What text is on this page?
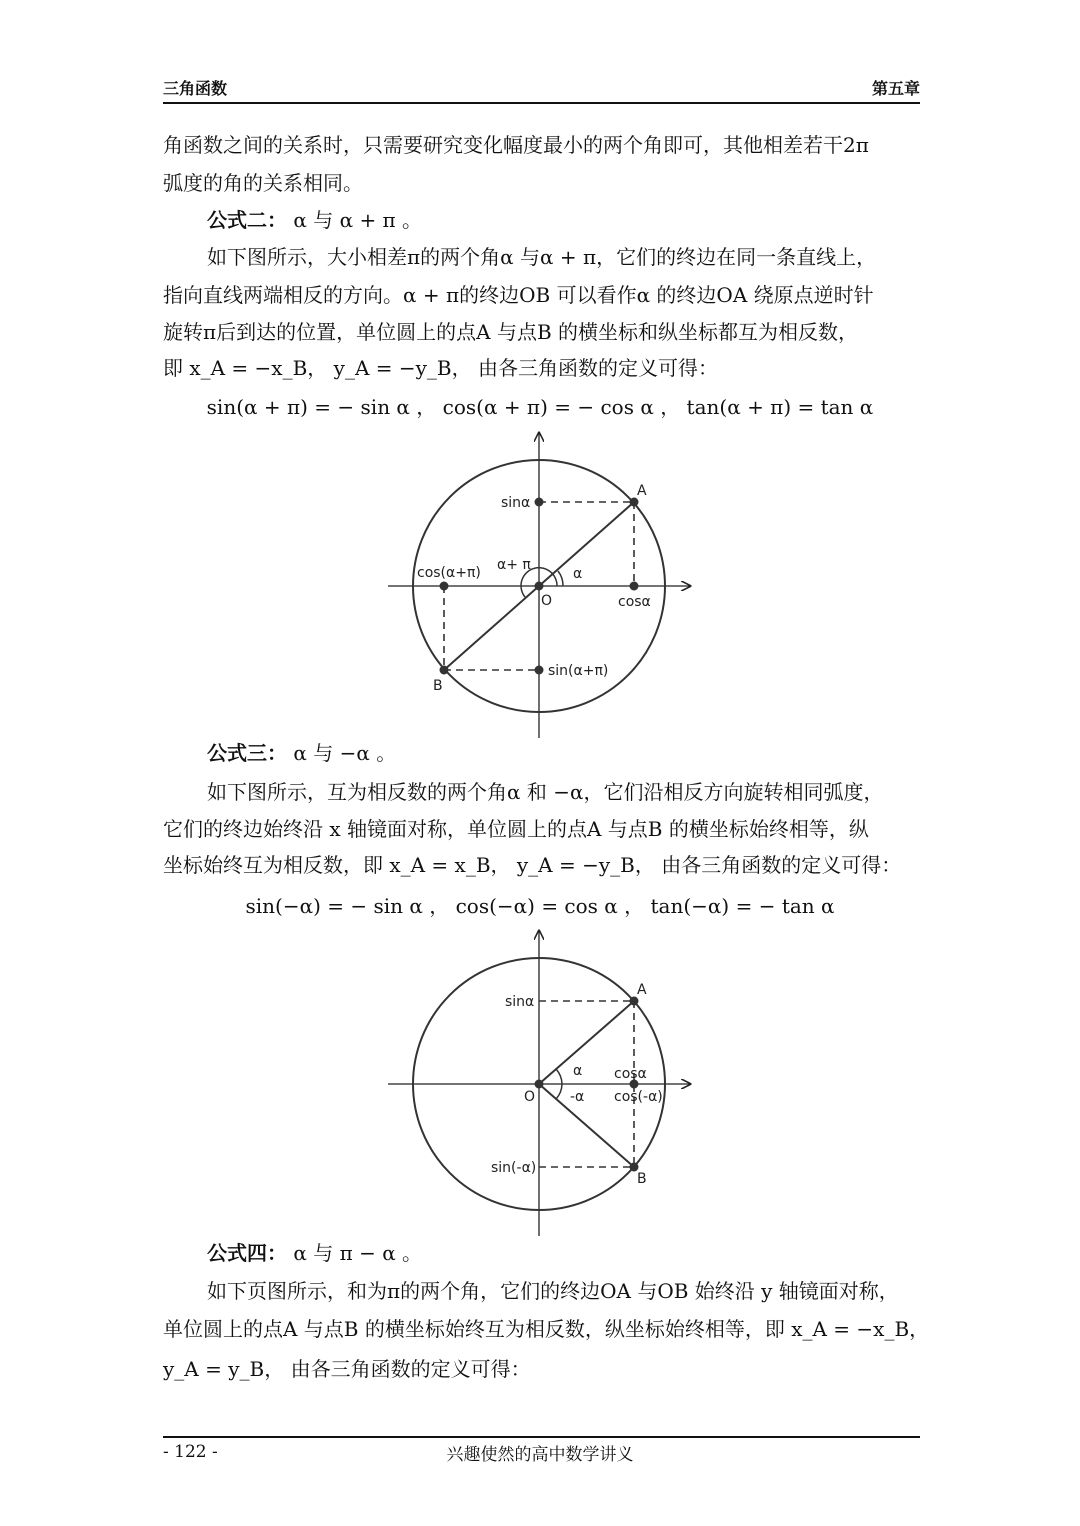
三角函数	第五章
角函数之间的关系时，只需要研究变化幅度最小的两个角即可，其他相差若干2π
弧度的角的关系相同。
公式二： α 与 α + π 。
如下图所示，大小相差π的两个角α 与α + π，它们的终边在同一条直线上，
指向直线两端相反的方向。α + π的终边OB 可以看作α 的终边OA 绕原点逆时针
旋转π后到达的位置，单位圆上的点A 与点B 的横坐标和纵坐标都互为相反数，
即 x_A = −x_B， y_A = −y_B， 由各三角函数的定义可得：
sin(α + π) = − sin α ， cos(α + π) = − cos α ， tan(α + π) = tan α
A
B
O
sinα
cosα
cos(α+π)
sin(α+π)
α
α+ π
公式三： α 与 −α 。
如下图所示，互为相反数的两个角α 和 −α，它们沿相反方向旋转相同弧度，
它们的终边始终沿 x 轴镜面对称，单位圆上的点A 与点B 的横坐标始终相等，纵
坐标始终互为相反数，即 x_A = x_B， y_A = −y_B， 由各三角函数的定义可得：
sin(−α) = − sin α ， cos(−α) = cos α ， tan(−α) = − tan α
A
B
O
sinα
sin(-α)
cosα
cos(-α)
α
-α
公式四： α 与 π − α 。
如下页图所示，和为π的两个角，它们的终边OA 与OB 始终沿 y 轴镜面对称，
单位圆上的点A 与点B 的横坐标始终互为相反数，纵坐标始终相等，即 x_A = −x_B，
y_A = y_B， 由各三角函数的定义可得：
- 122 -	兴趣使然的高中数学讲义
